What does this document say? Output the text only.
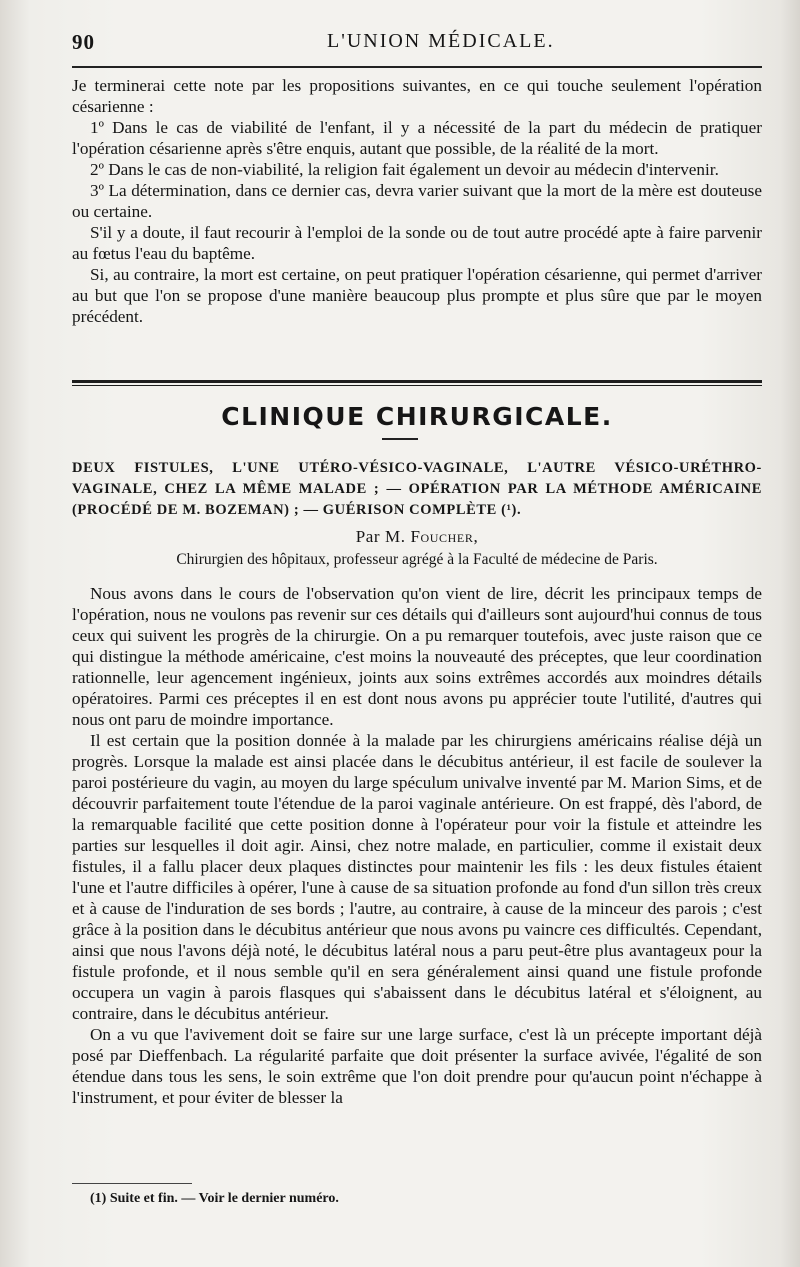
90	L'UNION MÉDICALE.

Je terminerai cette note par les propositions suivantes, en ce qui touche seulement l'opération césarienne :

1º Dans le cas de viabilité de l'enfant, il y a nécessité de la part du médecin de pratiquer l'opération césarienne après s'être enquis, autant que possible, de la réalité de la mort.

2º Dans le cas de non-viabilité, la religion fait également un devoir au médecin d'intervenir.

3º La détermination, dans ce dernier cas, devra varier suivant que la mort de la mère est douteuse ou certaine.

S'il y a doute, il faut recourir à l'emploi de la sonde ou de tout autre procédé apte à faire parvenir au fœtus l'eau du baptême.

Si, au contraire, la mort est certaine, on peut pratiquer l'opération césarienne, qui permet d'arriver au but que l'on se propose d'une manière beaucoup plus prompte et plus sûre que par le moyen précédent.

CLINIQUE CHIRURGICALE.
DEUX FISTULES, L'UNE UTÉRO-VÉSICO-VAGINALE, L'AUTRE VÉSICO-URÉTHRO-VAGINALE, CHEZ LA MÊME MALADE ; — OPÉRATION PAR LA MÉTHODE AMÉRICAINE (PROCÉDÉ DE M. BOZEMAN) ; — GUÉRISON COMPLÈTE (¹).
Par M. Foucher,
Chirurgien des hôpitaux, professeur agrégé à la Faculté de médecine de Paris.

Nous avons dans le cours de l'observation qu'on vient de lire, décrit les principaux temps de l'opération, nous ne voulons pas revenir sur ces détails qui d'ailleurs sont aujourd'hui connus de tous ceux qui suivent les progrès de la chirurgie. On a pu remarquer toutefois, avec juste raison que ce qui distingue la méthode américaine, c'est moins la nouveauté des préceptes, que leur coordination rationnelle, leur agencement ingénieux, joints aux soins extrêmes accordés aux moindres détails opératoires. Parmi ces préceptes il en est dont nous avons pu apprécier toute l'utilité, d'autres qui nous ont paru de moindre importance.

Il est certain que la position donnée à la malade par les chirurgiens américains réalise déjà un progrès. Lorsque la malade est ainsi placée dans le décubitus antérieur, il est facile de soulever la paroi postérieure du vagin, au moyen du large spéculum univalve inventé par M. Marion Sims, et de découvrir parfaitement toute l'étendue de la paroi vaginale antérieure. On est frappé, dès l'abord, de la remarquable facilité que cette position donne à l'opérateur pour voir la fistule et atteindre les parties sur lesquelles il doit agir. Ainsi, chez notre malade, en particulier, comme il existait deux fistules, il a fallu placer deux plaques distinctes pour maintenir les fils : les deux fistules étaient l'une et l'autre difficiles à opérer, l'une à cause de sa situation profonde au fond d'un sillon très creux et à cause de l'induration de ses bords ; l'autre, au contraire, à cause de la minceur des parois ; c'est grâce à la position dans le décubitus antérieur que nous avons pu vaincre ces difficultés. Cependant, ainsi que nous l'avons déjà noté, le décubitus latéral nous a paru peut-être plus avantageux pour la fistule profonde, et il nous semble qu'il en sera généralement ainsi quand une fistule profonde occupera un vagin à parois flasques qui s'abaissent dans le décubitus latéral et s'éloignent, au contraire, dans le décubitus antérieur.

On a vu que l'avivement doit se faire sur une large surface, c'est là un précepte important déjà posé par Dieffenbach. La régularité parfaite que doit présenter la surface avivée, l'égalité de son étendue dans tous les sens, le soin extrême que l'on doit prendre pour qu'aucun point n'échappe à l'instrument, et pour éviter de blesser la

(1) Suite et fin. — Voir le dernier numéro.
